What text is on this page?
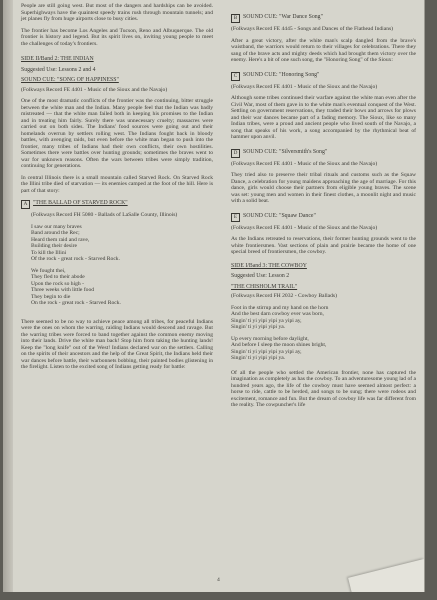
People are still going west. But most of the dangers and hardships can be avoided. Superhighways have the quaintest speedy trains rush through mountain tunnels; and jet planes fly from huge airports close to busy cities.

The frontier has become Los Angeles and Tucson, Reno and Albuquerque. The old frontier is history and legend. But its spirit lives on, inviting young people to meet the challenges of today's frontiers.

SIDE II/Band 2: THE INDIAN
Suggested Use: Lessons 2 and 4
SOUND CUE: "SONG OF HAPPINESS"

(Folkways Record FE 4401 - Music of the Sioux and the Navajo)

One of the most dramatic conflicts of the frontier was the continuing, bitter struggle between the white man and the Indian. Many people feel that the Indian was badly mistreated — that the white man failed both in keeping his promises to the Indian and in treating him fairly. Surely there was unnecessary cruelty; massacres were carried out on both sides. The Indians' food sources were going out and their homelands overrun by settlers rolling west. The Indians fought back in bloody battles, with avenging raids, but even before the white man began to push into the frontier, many tribes of Indians had their own conflicts, their own hostilities. Sometimes there were battles over hunting grounds; sometimes the braves went to war for unknown reasons. Often the wars between tribes were simply tradition, continuing for generations.

In central Illinois there is a small mountain called Starved Rock. On Starved Rock the Illini tribe died of starvation — its enemies camped at the foot of the hill. Here is part of that story:

A "THE BALLAD OF STARVED ROCK"

(Folkways Record FH 5080 - Ballads of LaSalle County, Illinois)

I saw our many braves
Band around the Rec;
Heard them raid and rave,
Building their desire
To kill the Illini
Of the rock - great rock - Starved Rock.
We fought thei,
They fled to their abode
Upon the rock so high -
Three weeks with little food
They begin to die
On the rock - great rock - Starved Rock.

There seemed to be no way to achieve peace among all tribes, for peaceful Indians were the ones on whom the warring, raiding Indians would descend and ravage. But the warring tribes were forced to band together against the common enemy moving into their lands. Drive the white man back! Stop him from taking the hunting lands! Keep the "long knife" out of the West! Indians declared war on the settlers. Calling on the spirits of their ancestors and the help of the Great Spirit, the Indians held their war dances before battle, their warbonnets bobbing, their painted bodies glistening in the firelight. Listen to the excited song of Indians getting ready for battle:

B SOUND CUE: "War Dance Song"

(Folkways Record FE 4445 - Songs and Dances of the Flathead Indians)

After a great victory, after the white man's scalp dangled from the brave's waistband, the warriors would return to their villages for celebrations. There they sang of the brave acts and mighty deeds which had brought them victory over the enemy. Here's a bit of one such song, the "Honoring Song" of the Sioux:

C SOUND CUE: "Honoring Song"

(Folkways Record FE 4401 - Music of the Sioux and the Navajo)

Although some tribes continued their warfare against the white man even after the Civil War, most of them gave in to the white man's eventual conquest of the West. Settling on government reservations, they traded their bows and arrows for plows and their war dances became part of a fading memory. The Sioux, like so many Indian tribes, were a proud and ancient people who lived south of the Navajo, a song that speaks of his work, a song accompanied by the rhythmical beat of hammer upon anvil.

D SOUND CUE: "Silversmith's Song"

(Folkways Record FE 4401 - Music of the Sioux and the Navajo)

They tried also to preserve their tribal rituals and customs such as the Squaw Dance, a celebration for young maidens approaching the age of marriage. For this dance, girls would choose their partners from eligible young braves. The scene was set: young men and women in their finest clothes, a moonlit night and music with a solid beat.

E	SOUND CUE: "Squaw Dance"

(Folkways Record FE 4401 - Music of the Sioux and the Navajo)

As the Indians retreated to reservations, their former hunting grounds went to the white frontiersmen. Vast sections of plain and prairie became the home of one special breed of frontiersmen, the cowboy.

SIDE I/Band 3: THE COWBOY
Suggested Use: Lesson 2
"THE CHISHOLM TRAIL"

(Folkways Record FH 2032 - Cowboy Ballads)

Foot in the stirrup and my hand on the horn
And the best darn cowboy ever was born,
Singin' ti yi yipi yipi ya yipi ay,
Singin' ti yi yipi yipi ya.
Up every morning before daylight,
And before I sleep the moon shines bright,
Singin' ti yi yipi yipi ya yipi ay,
Singin' ti yi yipi yipi ya.

Of all the people who settled the American frontier, none has captured the imagination as completely as has the cowboy. To an adventuresome young lad of a hundred years ago, the life of the cowboy must have seemed almost perfect: a horse to ride, cattle to be herded, and songs to be sung; there were rodeos and excitement, romance and fun. But the dream of cowboy life was far different from the reality. The cowpuncher's life

4
